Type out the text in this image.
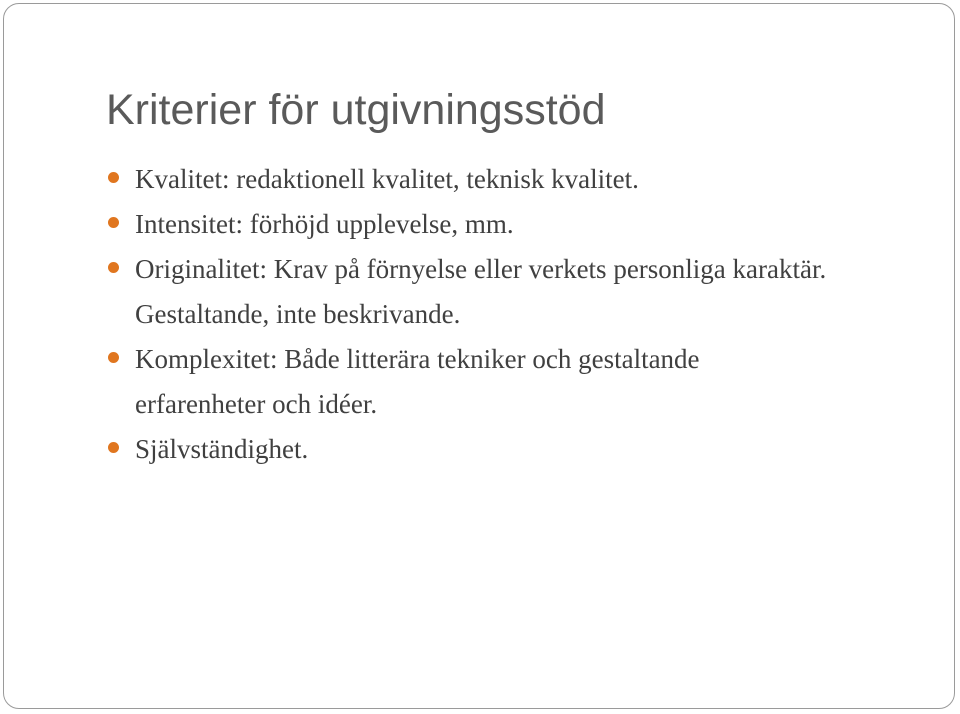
Kriterier för utgivningsstöd
Kvalitet: redaktionell kvalitet, teknisk kvalitet.
Intensitet: förhöjd upplevelse, mm.
Originalitet: Krav på förnyelse eller verkets personliga karaktär. Gestaltande, inte beskrivande.
Komplexitet: Både litterära tekniker och gestaltande erfarenheter och idéer.
Självständighet.
